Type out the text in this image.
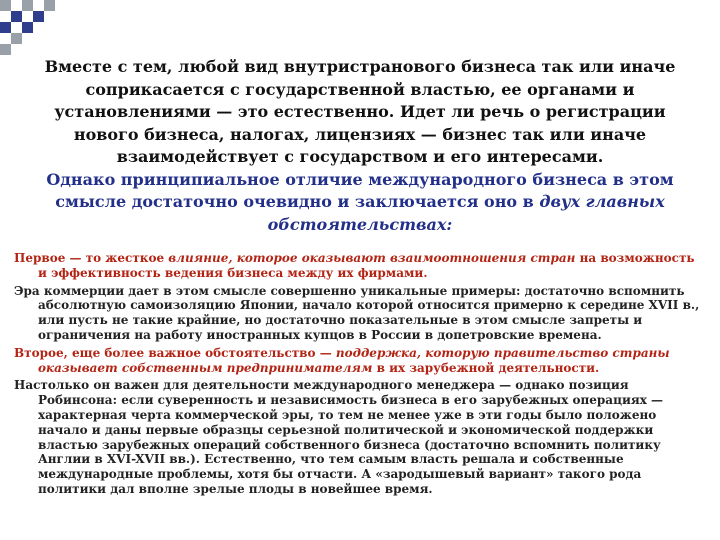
Вместе с тем, любой вид внутристранового бизнеса так или иначе соприкасается с государственной властью, ее органами и установлениями — это естественно. Идет ли речь о регистрации нового бизнеса, налогах, лицензиях — бизнес так или иначе взаимодействует с государством и его интересами.
Однако принципиальное отличие международного бизнеса в этом смысле достаточно очевидно и заключается оно в двух главных обстоятельствах:
Первое — то жесткое влияние, которое оказывают взаимоотношения стран на возможность и эффективность ведения бизнеса между их фирмами.
Эра коммерции дает в этом смысле совершенно уникальные примеры: достаточно вспомнить абсолютную самоизоляцию Японии, начало которой относится примерно к середине XVII в., или пусть не такие крайние, но достаточно показательные в этом смысле запреты и ограничения на работу иностранных купцов в России в допетровские времена.
Второе, еще более важное обстоятельство — поддержка, которую правительство страны оказывает собственным предпринимателям в их зарубежной деятельности.
Настолько он важен для деятельности международного менеджера — однако позиция Робинсона: если суверенность и независимость бизнеса в его зарубежных операциях — характерная черта коммерческой эры, то тем не менее уже в эти годы было положено начало и даны первые образцы серьезной политической и экономической поддержки властью зарубежных операций собственного бизнеса (достаточно вспомнить политику Англии в XVI-XVII вв.). Естественно, что тем самым власть решала и собственные международные проблемы, хотя бы отчасти. А «зародышевый вариант» такого рода политики дал вполне зрелые плоды в новейшее время.
